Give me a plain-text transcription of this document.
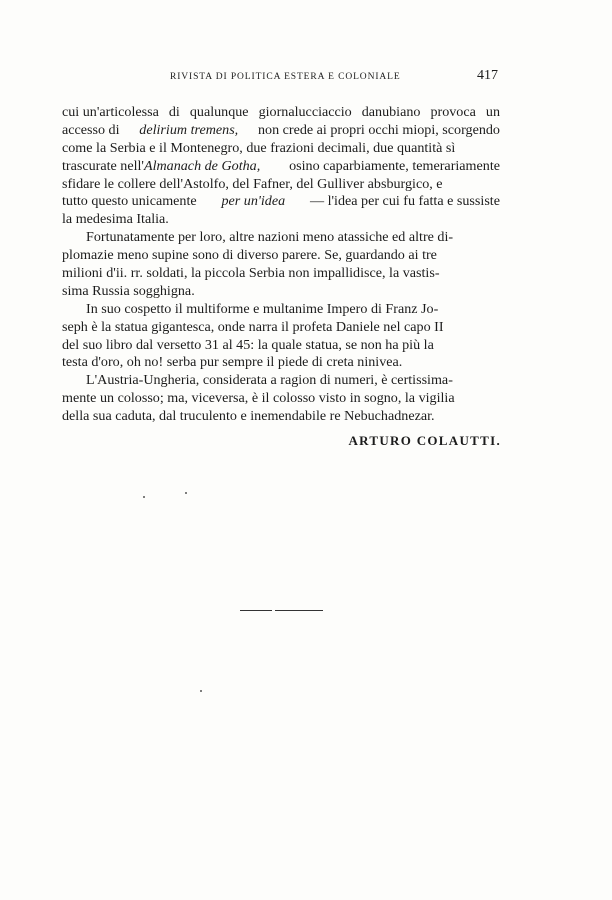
RIVISTA DI POLITICA ESTERA E COLONIALE	417
cui un'articolessa di qualunque giornalucciaccio danubiano provoca un
accesso di delirium tremens, non crede ai propri occhi miopi, scorgendo
come la Serbia e il Montenegro, due frazioni decimali, due quantità sì
trascurate nell'Almanach de Gotha, osino caparbiamente, temerariamente
sfidare le collere dell'Astolfo, del Fafner, del Gulliver absburgico, e
tutto questo unicamente per un'idea — l'idea per cui fu fatta e sussiste
la medesima Italia.
Fortunatamente per loro, altre nazioni meno atassiche ed altre di-
plomazie meno supine sono di diverso parere. Se, guardando ai tre
milioni d'ii. rr. soldati, la piccola Serbia non impallidisce, la vastis-
sima Russia sogghigna.
In suo cospetto il multiforme e multanime Impero di Franz Jo-
seph è la statua gigantesca, onde narra il profeta Daniele nel capo II
del suo libro dal versetto 31 al 45: la quale statua, se non ha più la
testa d'oro, oh no! serba pur sempre il piede di creta ninivea.
L'Austria-Ungheria, considerata a ragion di numeri, è certissima-
mente un colosso; ma, viceversa, è il colosso visto in sogno, la vigilia
della sua caduta, dal truculento e inemendabile re Nebuchadnezar.
ARTURO COLAUTTI.
